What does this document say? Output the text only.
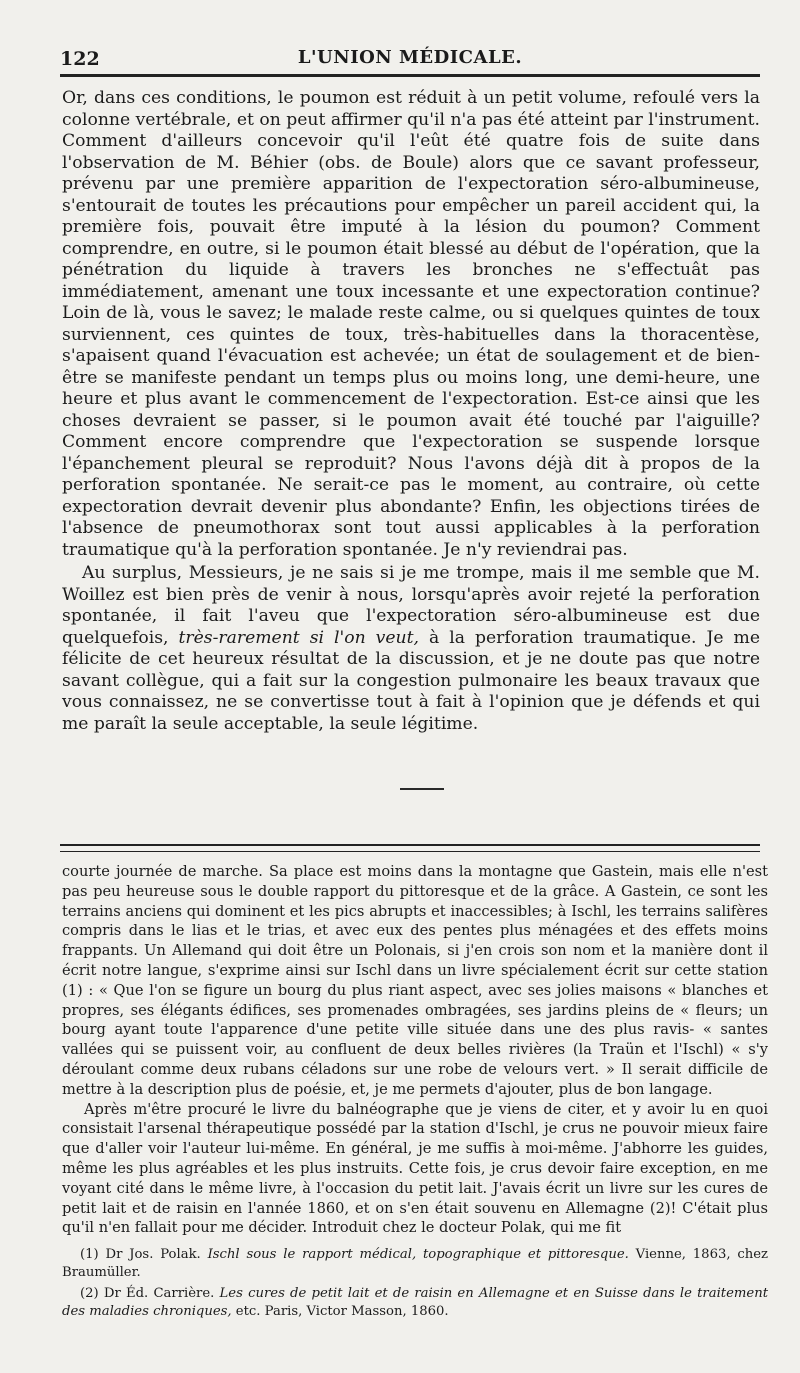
122	L'UNION MÉDICALE.

Or, dans ces conditions, le poumon est réduit à un petit volume, refoulé vers la colonne vertébrale, et on peut affirmer qu'il n'a pas été atteint par l'instrument. Comment d'ailleurs concevoir qu'il l'eût été quatre fois de suite dans l'observation de M. Béhier (obs. de Boule) alors que ce savant professeur, prévenu par une première apparition de l'expectoration séro-albumineuse, s'entourait de toutes les précautions pour empêcher un pareil accident qui, la première fois, pouvait être imputé à la lésion du poumon? Comment comprendre, en outre, si le poumon était blessé au début de l'opération, que la pénétration du liquide à travers les bronches ne s'effectuât pas immédiatement, amenant une toux incessante et une expectoration continue? Loin de là, vous le savez; le malade reste calme, ou si quelques quintes de toux surviennent, ces quintes de toux, très-habituelles dans la thoracentèse, s'apaisent quand l'évacuation est achevée; un état de soulagement et de bien-être se manifeste pendant un temps plus ou moins long, une demi-heure, une heure et plus avant le commencement de l'expectoration. Est-ce ainsi que les choses devraient se passer, si le poumon avait été touché par l'aiguille? Comment encore comprendre que l'expectoration se suspende lorsque l'épanchement pleural se reproduit? Nous l'avons déjà dit à propos de la perforation spontanée. Ne serait-ce pas le moment, au contraire, où cette expectoration devrait devenir plus abondante? Enfin, les objections tirées de l'absence de pneumothorax sont tout aussi applicables à la perforation traumatique qu'à la perforation spontanée. Je n'y reviendrai pas.

Au surplus, Messieurs, je ne sais si je me trompe, mais il me semble que M. Woillez est bien près de venir à nous, lorsqu'après avoir rejeté la perforation spontanée, il fait l'aveu que l'expectoration séro-albumineuse est due quelquefois, très-rarement si l'on veut, à la perforation traumatique. Je me félicite de cet heureux résultat de la discussion, et je ne doute pas que notre savant collègue, qui a fait sur la congestion pulmonaire les beaux travaux que vous connaissez, ne se convertisse tout à fait à l'opinion que je défends et qui me paraît la seule acceptable, la seule légitime.

courte journée de marche. Sa place est moins dans la montagne que Gastein, mais elle n'est pas peu heureuse sous le double rapport du pittoresque et de la grâce. A Gastein, ce sont les terrains anciens qui dominent et les pics abrupts et inaccessibles; à Ischl, les terrains salifères compris dans le lias et le trias, et avec eux des pentes plus ménagées et des effets moins frappants. Un Allemand qui doit être un Polonais, si j'en crois son nom et la manière dont il écrit notre langue, s'exprime ainsi sur Ischl dans un livre spécialement écrit sur cette station (1) : « Que l'on se figure un bourg du plus riant aspect, avec ses jolies maisons « blanches et propres, ses élégants édifices, ses promenades ombragées, ses jardins pleins de « fleurs; un bourg ayant toute l'apparence d'une petite ville située dans une des plus ravis- « santes vallées qui se puissent voir, au confluent de deux belles rivières (la Traün et l'Ischl) « s'y déroulant comme deux rubans céladons sur une robe de velours vert. » Il serait difficile de mettre à la description plus de poésie, et, je me permets d'ajouter, plus de bon langage.

Après m'être procuré le livre du balnéographe que je viens de citer, et y avoir lu en quoi consistait l'arsenal thérapeutique possédé par la station d'Ischl, je crus ne pouvoir mieux faire que d'aller voir l'auteur lui-même. En général, je me suffis à moi-même. J'abhorre les guides, même les plus agréables et les plus instruits. Cette fois, je crus devoir faire exception, en me voyant cité dans le même livre, à l'occasion du petit lait. J'avais écrit un livre sur les cures de petit lait et de raisin en l'année 1860, et on s'en était souvenu en Allemagne (2)! C'était plus qu'il n'en fallait pour me décider. Introduit chez le docteur Polak, qui me fit

(1) Dr Jos. Polak. Ischl sous le rapport médical, topographique et pittoresque. Vienne, 1863, chez Braumüller.

(2) Dr Éd. Carrière. Les cures de petit lait et de raisin en Allemagne et en Suisse dans le traitement des maladies chroniques, etc. Paris, Victor Masson, 1860.
